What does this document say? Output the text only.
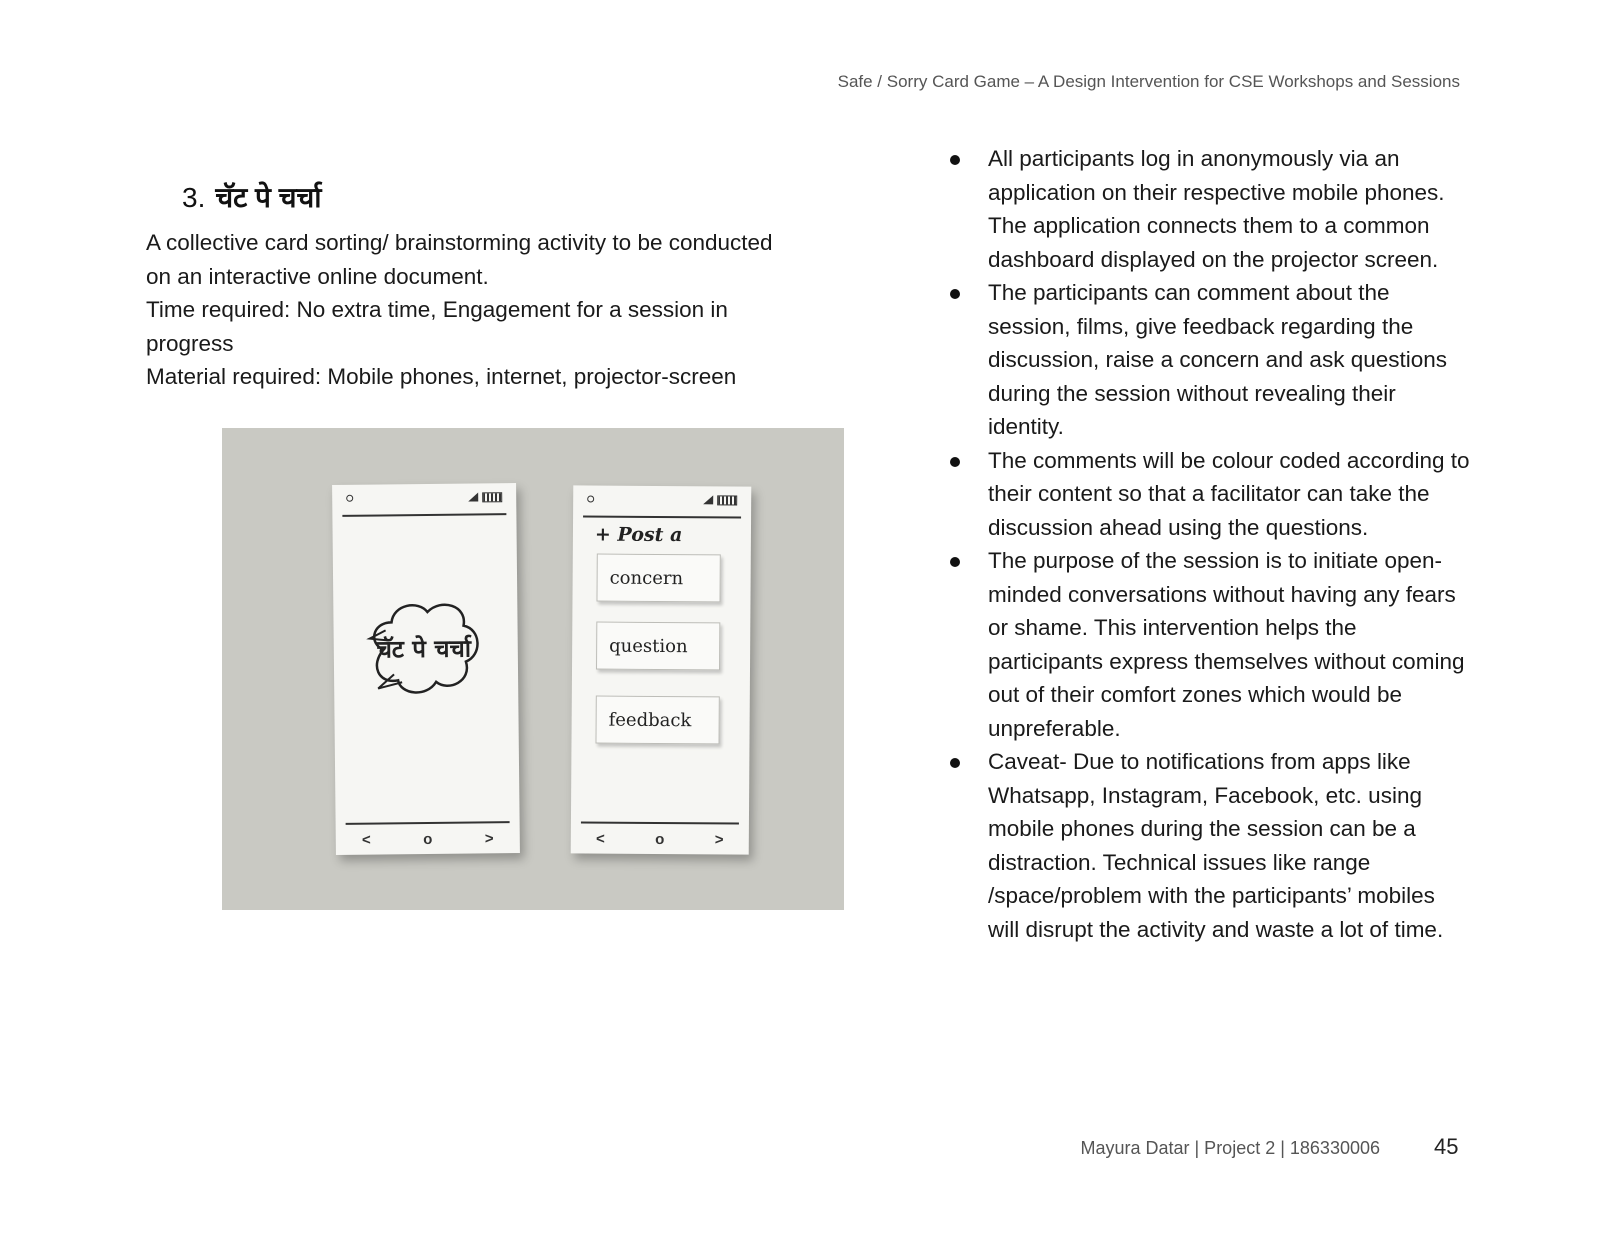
Safe / Sorry Card Game – A Design Intervention for CSE Workshops and Sessions
3. चॅट पे चर्चा

A collective card sorting/ brainstorming activity to be conducted on an interactive online document.

Time required: No extra time, Engagement for a session in progress

Material required: Mobile phones, internet, projector-screen

चॅट पे चर्चा
<	o	>
+ Post a
concern
question
feedback
<	o	>
All participants log in anonymously via an application on their respective mobile phones. The application connects them to a common dashboard displayed on the projector screen.
The participants can comment about the session, films, give feedback regarding the discussion, raise a concern and ask questions during the session without revealing their identity.
The comments will be colour coded according to their content so that a facilitator can take the discussion ahead using the questions.
The purpose of the session is to initiate open-minded conversations without having any fears or shame. This intervention helps the participants express themselves without coming out of their comfort zones which would be unpreferable.
Caveat- Due to notifications from apps like Whatsapp, Instagram, Facebook, etc. using mobile phones during the session can be a distraction. Technical issues like range /space/problem with the participants’ mobiles will disrupt the activity and waste a lot of time.
Mayura Datar | Project 2 | 186330006 45
